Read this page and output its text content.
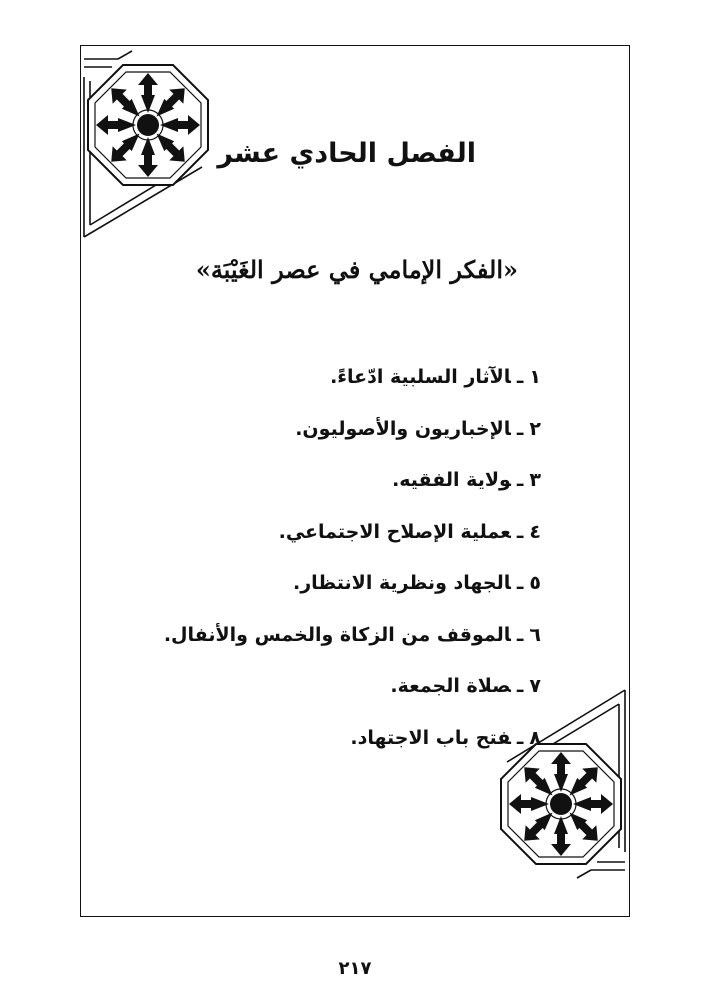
الفصل الحادي عشر
«الفكر الإمامي في عصر الغَيْبَة»
١ـالآثار السلبية ادّعاءً.
٢ـالإخباريون والأصوليون.
٣ـولاية الفقيه.
٤ـعملية الإصلاح الاجتماعي.
٥ـالجهاد ونظرية الانتظار.
٦ـالموقف من الزكاة والخمس والأنفال.
٧ـصلاة الجمعة.
٨ـفتح باب الاجتهاد.
٢١٧
